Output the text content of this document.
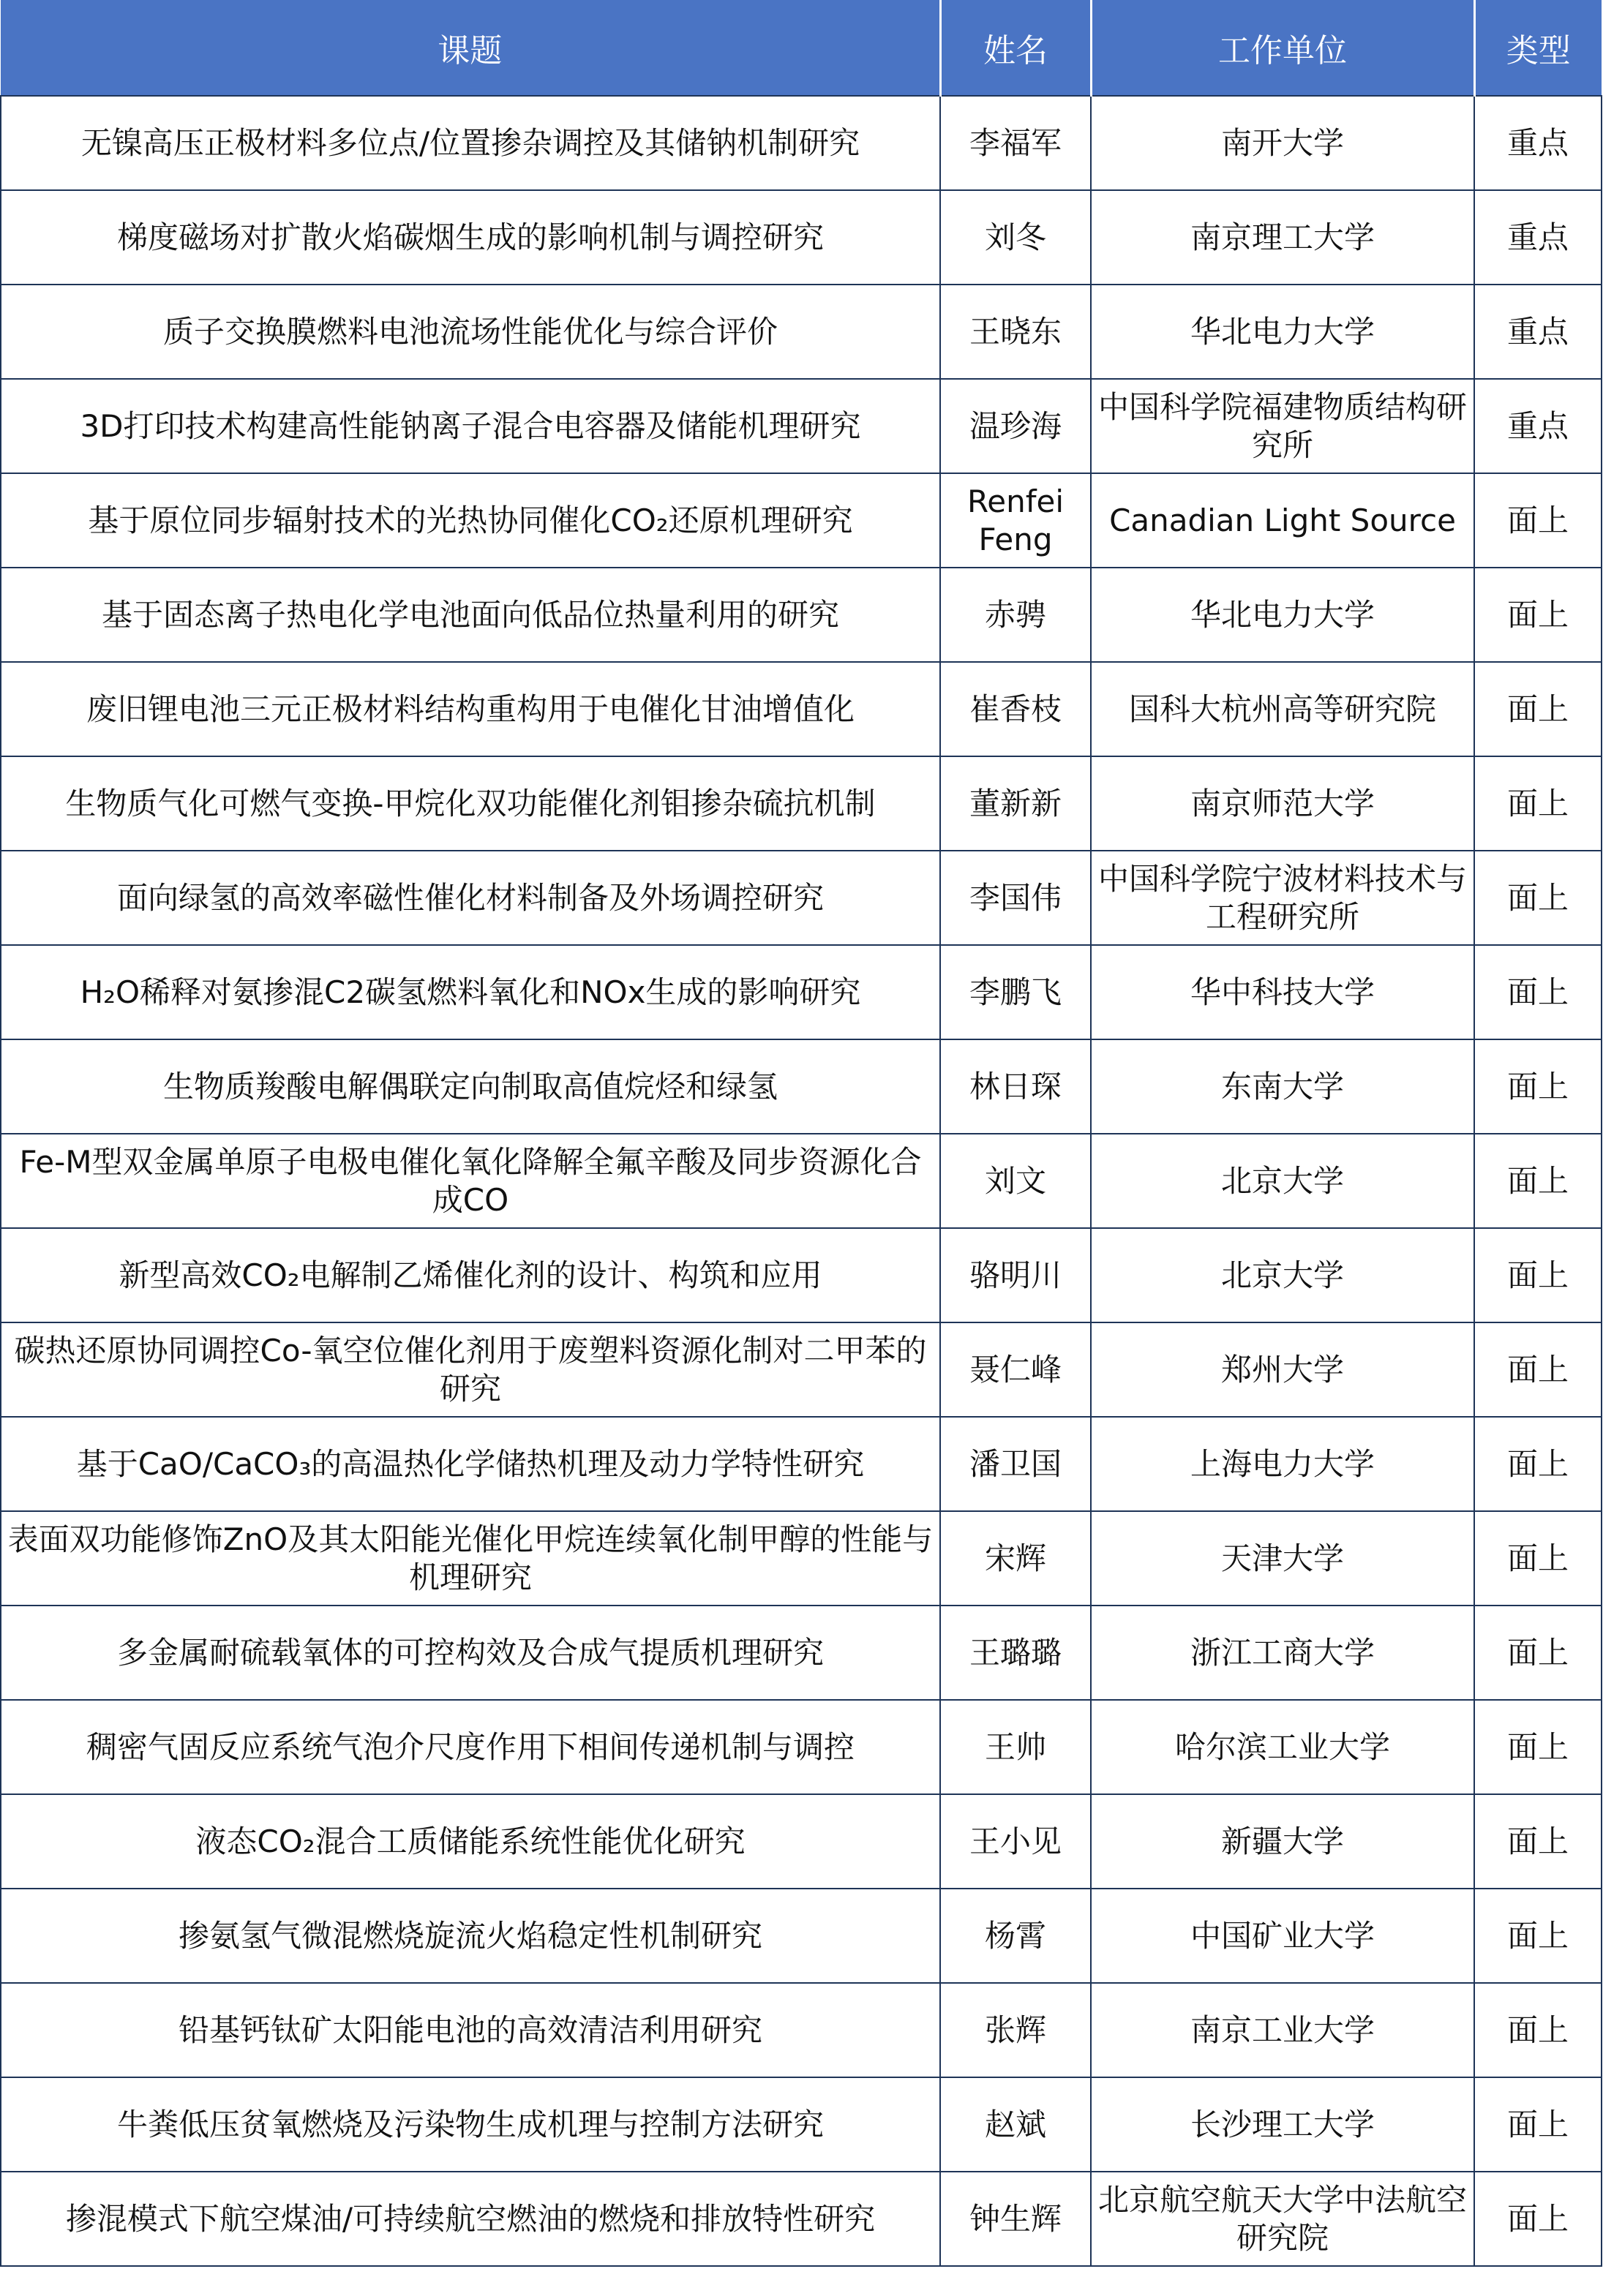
课题	姓名	工作单位	类型
无镍高压正极材料多位点/位置掺杂调控及其储钠机制研究	李福军	南开大学	重点
梯度磁场对扩散火焰碳烟生成的影响机制与调控研究	刘冬	南京理工大学	重点
质子交换膜燃料电池流场性能优化与综合评价	王晓东	华北电力大学	重点
3D打印技术构建高性能钠离子混合电容器及储能机理研究	温珍海	中国科学院福建物质结构研究所	重点
基于原位同步辐射技术的光热协同催化CO₂还原机理研究	Renfei Feng	Canadian Light Source	面上
基于固态离子热电化学电池面向低品位热量利用的研究	赤骋	华北电力大学	面上
废旧锂电池三元正极材料结构重构用于电催化甘油增值化	崔香枝	国科大杭州高等研究院	面上
生物质气化可燃气变换-甲烷化双功能催化剂钼掺杂硫抗机制	董新新	南京师范大学	面上
面向绿氢的高效率磁性催化材料制备及外场调控研究	李国伟	中国科学院宁波材料技术与工程研究所	面上
H₂O稀释对氨掺混C2碳氢燃料氧化和NOx生成的影响研究	李鹏飞	华中科技大学	面上
生物质羧酸电解偶联定向制取高值烷烃和绿氢	林日琛	东南大学	面上
Fe-M型双金属单原子电极电催化氧化降解全氟辛酸及同步资源化合成CO	刘文	北京大学	面上
新型高效CO₂电解制乙烯催化剂的设计、构筑和应用	骆明川	北京大学	面上
碳热还原协同调控Co-氧空位催化剂用于废塑料资源化制对二甲苯的研究	聂仁峰	郑州大学	面上
基于CaO/CaCO₃的高温热化学储热机理及动力学特性研究	潘卫国	上海电力大学	面上
表面双功能修饰ZnO及其太阳能光催化甲烷连续氧化制甲醇的性能与机理研究	宋辉	天津大学	面上
多金属耐硫载氧体的可控构效及合成气提质机理研究	王璐璐	浙江工商大学	面上
稠密气固反应系统气泡介尺度作用下相间传递机制与调控	王帅	哈尔滨工业大学	面上
液态CO₂混合工质储能系统性能优化研究	王小见	新疆大学	面上
掺氨氢气微混燃烧旋流火焰稳定性机制研究	杨霄	中国矿业大学	面上
铅基钙钛矿太阳能电池的高效清洁利用研究	张辉	南京工业大学	面上
牛粪低压贫氧燃烧及污染物生成机理与控制方法研究	赵斌	长沙理工大学	面上
掺混模式下航空煤油/可持续航空燃油的燃烧和排放特性研究	钟生辉	北京航空航天大学中法航空研究院	面上
